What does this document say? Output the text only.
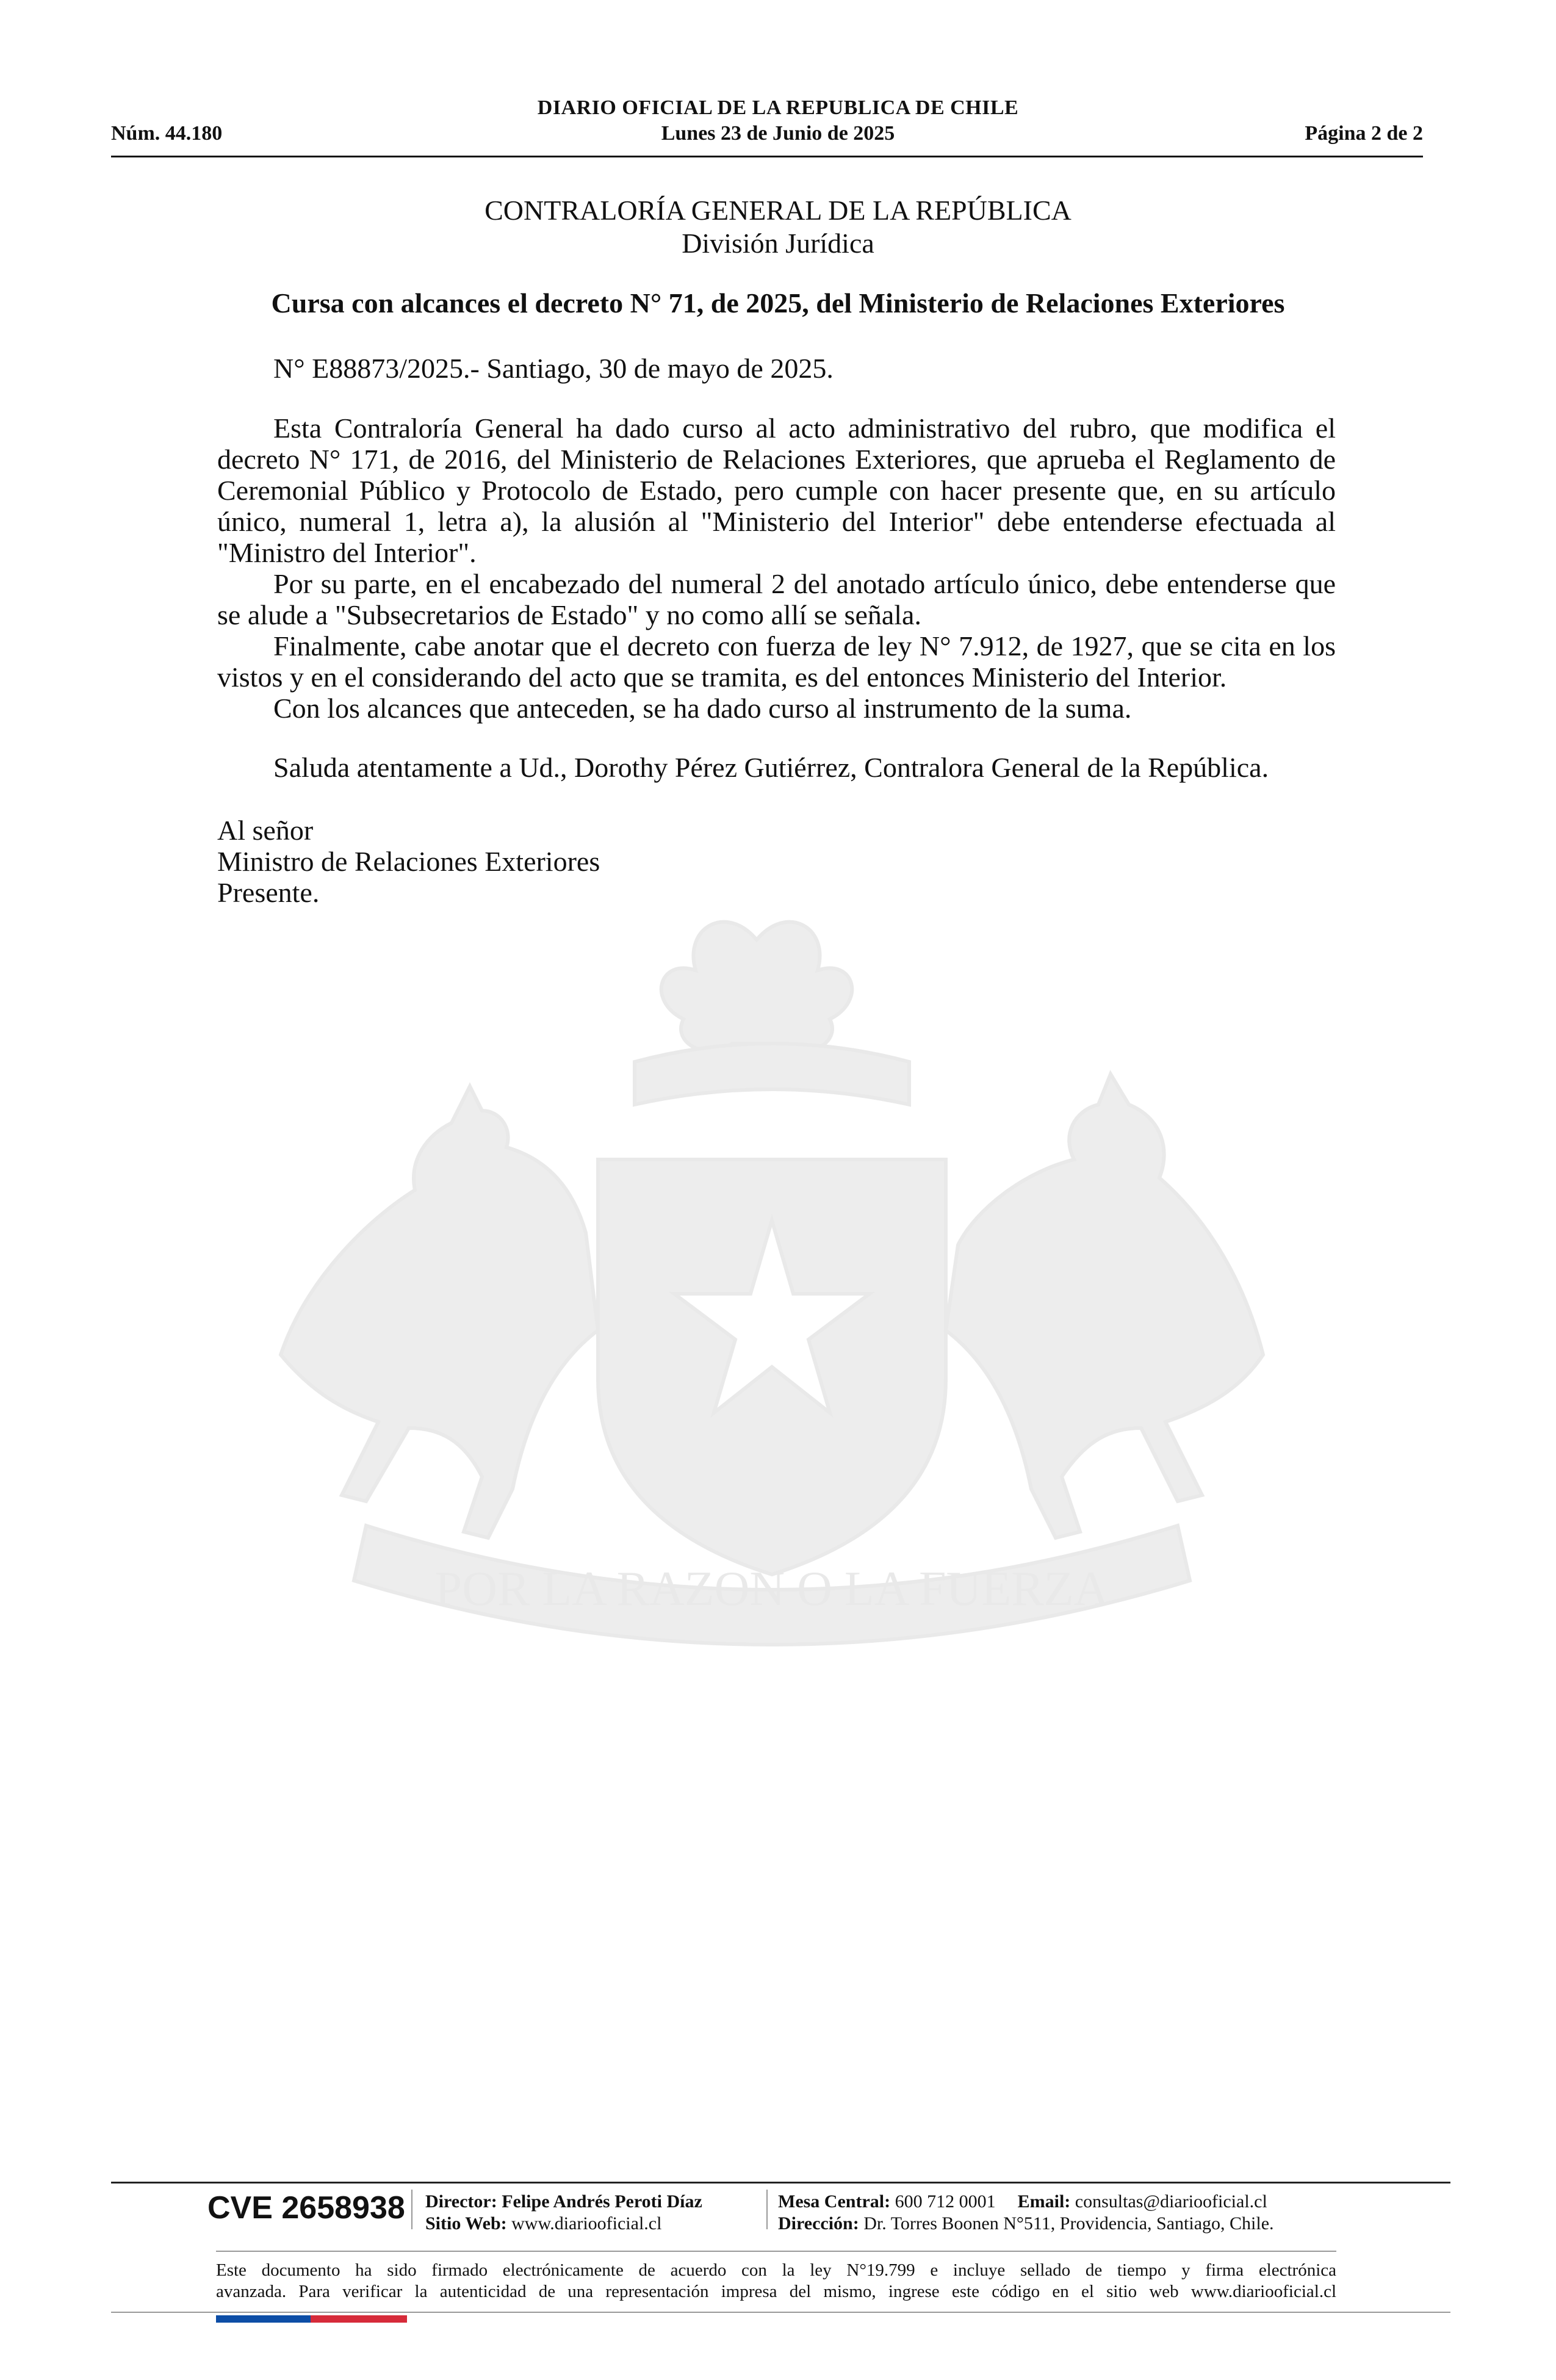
POR LA RAZON O LA FUERZA
DIARIO OFICIAL DE LA REPUBLICA DE CHILE
Núm. 44.180	Lunes 23 de Junio de 2025	Página 2 de 2
CONTRALORÍA GENERAL DE LA REPÚBLICA
División Jurídica
Cursa con alcances el decreto N° 71, de 2025, del Ministerio de Relaciones Exteriores
N° E88873/2025.- Santiago, 30 de mayo de 2025.

Esta Contraloría General ha dado curso al acto administrativo del rubro, que modifica el decreto N° 171, de 2016, del Ministerio de Relaciones Exteriores, que aprueba el Reglamento de Ceremonial Público y Protocolo de Estado, pero cumple con hacer presente que, en su artículo único, numeral 1, letra a), la alusión al "Ministerio del Interior" debe entenderse efectuada al "Ministro del Interior".

Por su parte, en el encabezado del numeral 2 del anotado artículo único, debe entenderse que se alude a "Subsecretarios de Estado" y no como allí se señala.

Finalmente, cabe anotar que el decreto con fuerza de ley N° 7.912, de 1927, que se cita en los vistos y en el considerando del acto que se tramita, es del entonces Ministerio del Interior.

Con los alcances que anteceden, se ha dado curso al instrumento de la suma.

Saluda atentamente a Ud., Dorothy Pérez Gutiérrez, Contralora General de la República.

Al señor
Ministro de Relaciones Exteriores
Presente.
CVE 2658938 Director: Felipe Andrés Peroti Díaz
Sitio Web: www.diariooficial.cl
Mesa Central: 600 712 0001 Email: consultas@diariooficial.cl
Dirección: Dr. Torres Boonen N°511, Providencia, Santiago, Chile.
Este documento ha sido firmado electrónicamente de acuerdo con la ley N°19.799 e incluye sellado de tiempo y firma electrónica
avanzada. Para verificar la autenticidad de una representación impresa del mismo, ingrese este código en el sitio web www.diariooficial.cl
